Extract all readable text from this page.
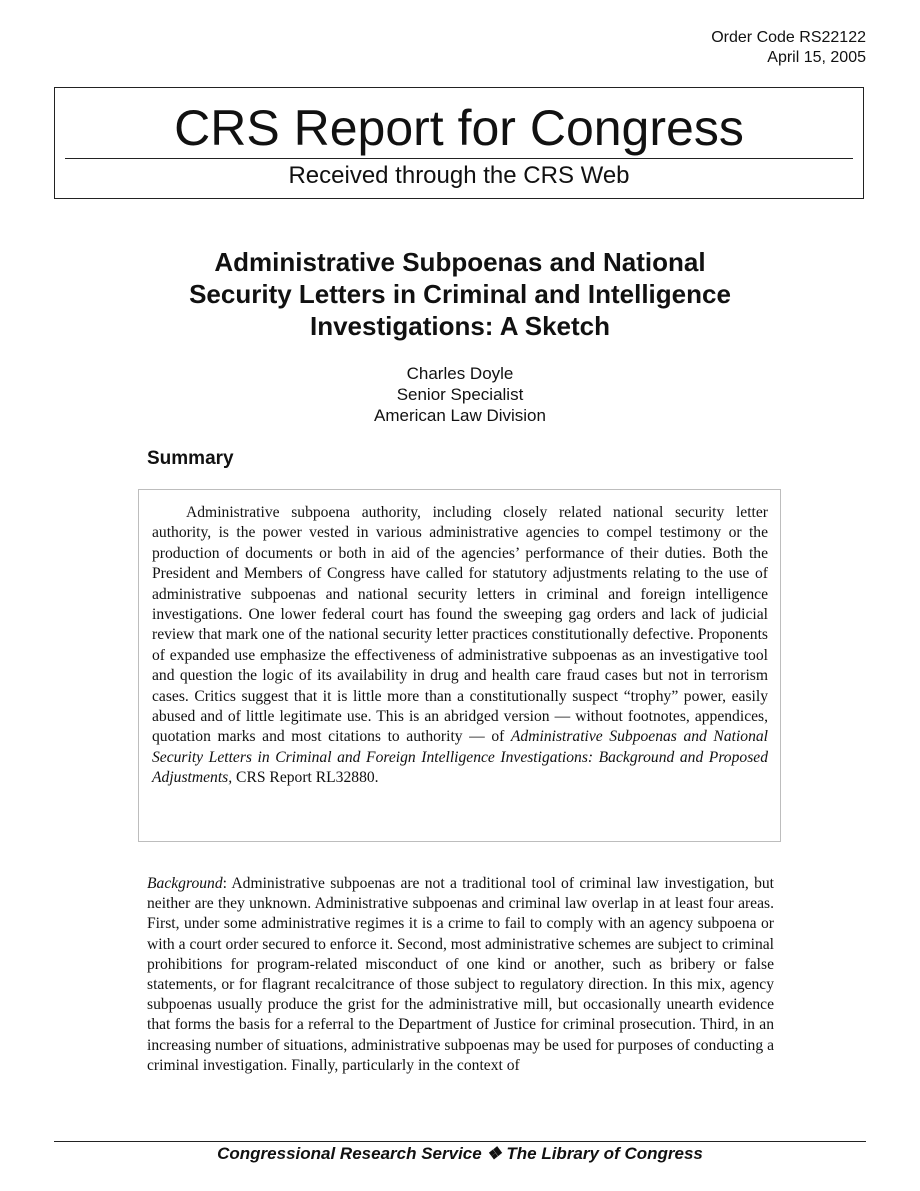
Order Code RS22122
April 15, 2005
CRS Report for Congress
Received through the CRS Web
Administrative Subpoenas and National
Security Letters in Criminal and Intelligence
Investigations: A Sketch
Charles Doyle
Senior Specialist
American Law Division
Summary

Administrative subpoena authority, including closely related national security letter authority, is the power vested in various administrative agencies to compel testimony or the production of documents or both in aid of the agencies’ performance of their duties. Both the President and Members of Congress have called for statutory adjustments relating to the use of administrative subpoenas and national security letters in criminal and foreign intelligence investigations. One lower federal court has found the sweeping gag orders and lack of judicial review that mark one of the national security letter practices constitutionally defective. Proponents of expanded use emphasize the effectiveness of administrative subpoenas as an investigative tool and question the logic of its availability in drug and health care fraud cases but not in terrorism cases. Critics suggest that it is little more than a constitutionally suspect “trophy” power, easily abused and of little legitimate use. This is an abridged version — without footnotes, appendices, quotation marks and most citations to authority — of Administrative Subpoenas and National Security Letters in Criminal and Foreign Intelligence Investigations: Background and Proposed Adjustments, CRS Report RL32880.

Background: Administrative subpoenas are not a traditional tool of criminal law investigation, but neither are they unknown. Administrative subpoenas and criminal law overlap in at least four areas. First, under some administrative regimes it is a crime to fail to comply with an agency subpoena or with a court order secured to enforce it. Second, most administrative schemes are subject to criminal prohibitions for program-related misconduct of one kind or another, such as bribery or false statements, or for flagrant recalcitrance of those subject to regulatory direction. In this mix, agency subpoenas usually produce the grist for the administrative mill, but occasionally unearth evidence that forms the basis for a referral to the Department of Justice for criminal prosecution. Third, in an increasing number of situations, administrative subpoenas may be used for purposes of conducting a criminal investigation. Finally, particularly in the context of

Congressional Research Service ❖ The Library of Congress
